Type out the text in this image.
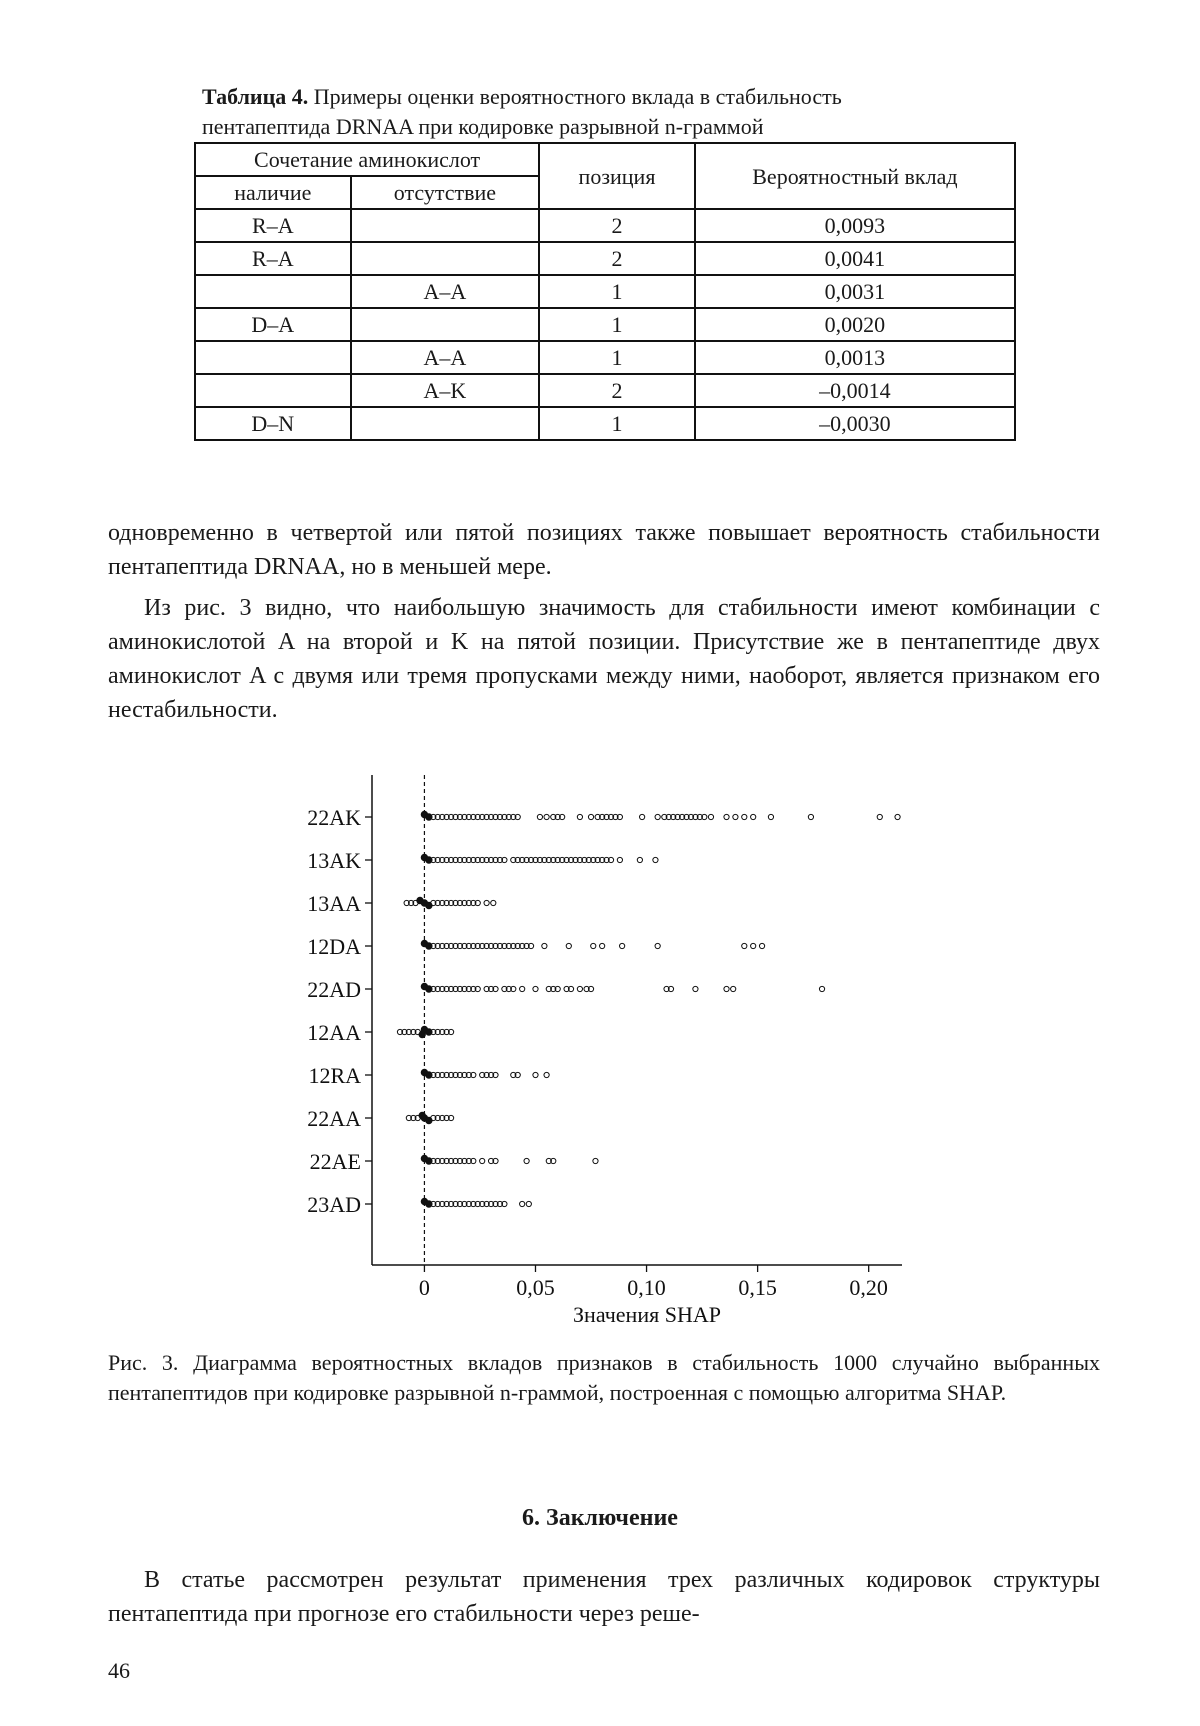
Таблица 4. Примеры оценки вероятностного вклада в стабильность
пентапептида DRNAA при кодировке разрывной n-граммой
Сочетание аминокислот		позиция	Вероятностный вклад
наличие	отсутствие		
R–A		2	0,0093
R–A		2	0,0041
	A–A	1	0,0031
D–A		1	0,0020
	A–A	1	0,0013
	A–K	2	–0,0014
D–N		1	–0,0030
одновременно в четвертой или пятой позициях также повышает вероятность стабильности пентапептида DRNAA, но в меньшей мере.
Из рис. 3 видно, что наибольшую значимость для стабильности имеют комбинации с аминокислотой A на второй и K на пятой позиции. Присутствие же в пентапептиде двух аминокислот A с двумя или тремя пропусками между ними, наоборот, является признаком его нестабильности.
0	0,05	0,10	0,15	0,20
Значения SHAP
22AK
13AK
13AA
12DA
22AD
12AA
12RA
22AA
22AE
23AD
Рис. 3. Диаграмма вероятностных вкладов признаков в стабильность 1000 случайно выбранных пентапептидов при кодировке разрывной n-граммой, построенная с помощью алгоритма SHAP.
6. Заключение
В статье рассмотрен результат применения трех различных кодировок структуры пентапептида при прогнозе его стабильности через реше-
46
